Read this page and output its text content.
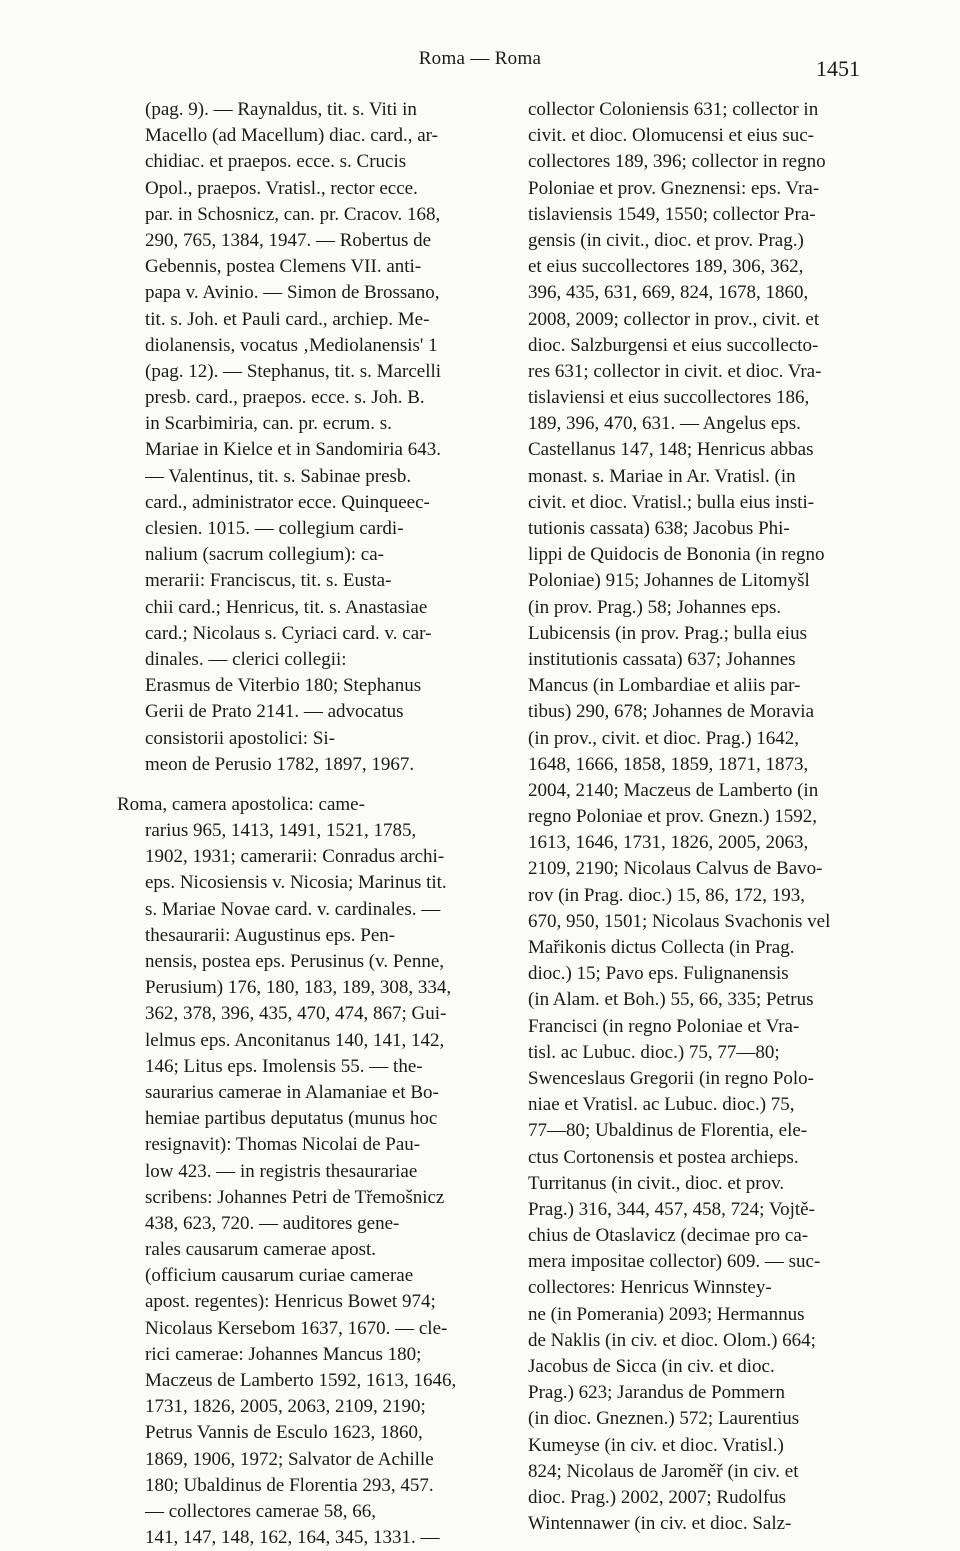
Roma — Roma	1451
(pag. 9). — Raynaldus, tit. s. Viti in
Macello (ad Macellum) diac. card., ar-
chidiac. et praepos. ecce. s. Crucis
Opol., praepos. Vratisl., rector ecce.
par. in Schosnicz, can. pr. Cracov. 168,
290, 765, 1384, 1947. — Robertus de
Gebennis, postea Clemens VII. anti-
papa v. Avinio. — Simon de Brossano,
tit. s. Joh. et Pauli card., archiep. Me-
diolanensis, vocatus ‚Mediolanensis' 1
(pag. 12). — Stephanus, tit. s. Marcelli
presb. card., praepos. ecce. s. Joh. B.
in Scarbimiria, can. pr. ecrum. s.
Mariae in Kielce et in Sandomiria 643.
— Valentinus, tit. s. Sabinae presb.
card., administrator ecce. Quinqueec-
clesien. 1015. — collegium cardi-
nalium (sacrum collegium): ca-
merarii: Franciscus, tit. s. Eusta-
chii card.; Henricus, tit. s. Anastasiae
card.; Nicolaus s. Cyriaci card. v. car-
dinales. — clerici collegii:
Erasmus de Viterbio 180; Stephanus
Gerii de Prato 2141. — advocatus
consistorii apostolici: Si-
meon de Perusio 1782, 1897, 1967.
Roma, camera apostolica: came-
rarius 965, 1413, 1491, 1521, 1785,
1902, 1931; camerarii: Conradus archi-
eps. Nicosiensis v. Nicosia; Marinus tit.
s. Mariae Novae card. v. cardinales. —
thesaurarii: Augustinus eps. Pen-
nensis, postea eps. Perusinus (v. Penne,
Perusium) 176, 180, 183, 189, 308, 334,
362, 378, 396, 435, 470, 474, 867; Gui-
lelmus eps. Anconitanus 140, 141, 142,
146; Litus eps. Imolensis 55. — the-
saurarius camerae in Alamaniae et Bo-
hemiae partibus deputatus (munus hoc
resignavit): Thomas Nicolai de Pau-
low 423. — in registris thesaurariae
scribens: Johannes Petri de Třemošnicz
438, 623, 720. — auditores gene-
rales causarum camerae apost.
(officium causarum curiae camerae
apost. regentes): Henricus Bowet 974;
Nicolaus Kersebom 1637, 1670. — cle-
rici camerae: Johannes Mancus 180;
Maczeus de Lamberto 1592, 1613, 1646,
1731, 1826, 2005, 2063, 2109, 2190;
Petrus Vannis de Esculo 1623, 1860,
1869, 1906, 1972; Salvator de Achille
180; Ubaldinus de Florentia 293, 457.
— collectores camerae 58, 66,
141, 147, 148, 162, 164, 345, 1331. —
collector Coloniensis 631; collector in
civit. et dioc. Olomucensi et eius suc-
collectores 189, 396; collector in regno
Poloniae et prov. Gneznensi: eps. Vra-
tislaviensis 1549, 1550; collector Pra-
gensis (in civit., dioc. et prov. Prag.)
et eius succollectores 189, 306, 362,
396, 435, 631, 669, 824, 1678, 1860,
2008, 2009; collector in prov., civit. et
dioc. Salzburgensi et eius succollecto-
res 631; collector in civit. et dioc. Vra-
tislaviensi et eius succollectores 186,
189, 396, 470, 631. — Angelus eps.
Castellanus 147, 148; Henricus abbas
monast. s. Mariae in Ar. Vratisl. (in
civit. et dioc. Vratisl.; bulla eius insti-
tutionis cassata) 638; Jacobus Phi-
lippi de Quidocis de Bononia (in regno
Poloniae) 915; Johannes de Litomyšl
(in prov. Prag.) 58; Johannes eps.
Lubicensis (in prov. Prag.; bulla eius
institutionis cassata) 637; Johannes
Mancus (in Lombardiae et aliis par-
tibus) 290, 678; Johannes de Moravia
(in prov., civit. et dioc. Prag.) 1642,
1648, 1666, 1858, 1859, 1871, 1873,
2004, 2140; Maczeus de Lamberto (in
regno Poloniae et prov. Gnezn.) 1592,
1613, 1646, 1731, 1826, 2005, 2063,
2109, 2190; Nicolaus Calvus de Bavo-
rov (in Prag. dioc.) 15, 86, 172, 193,
670, 950, 1501; Nicolaus Svachonis vel
Mařikonis dictus Collecta (in Prag.
dioc.) 15; Pavo eps. Fulignanensis
(in Alam. et Boh.) 55, 66, 335; Petrus
Francisci (in regno Poloniae et Vra-
tisl. ac Lubuc. dioc.) 75, 77—80;
Swenceslaus Gregorii (in regno Polo-
niae et Vratisl. ac Lubuc. dioc.) 75,
77—80; Ubaldinus de Florentia, ele-
ctus Cortonensis et postea archieps.
Turritanus (in civit., dioc. et prov.
Prag.) 316, 344, 457, 458, 724; Vojtě-
chius de Otaslavicz (decimae pro ca-
mera impositae collector) 609. — suc-
collectores: Henricus Winnstey-
ne (in Pomerania) 2093; Hermannus
de Naklis (in civ. et dioc. Olom.) 664;
Jacobus de Sicca (in civ. et dioc.
Prag.) 623; Jarandus de Pommern
(in dioc. Gneznen.) 572; Laurentius
Kumeyse (in civ. et dioc. Vratisl.)
824; Nicolaus de Jaroměř (in civ. et
dioc. Prag.) 2002, 2007; Rudolfus
Wintennawer (in civ. et dioc. Salz-
